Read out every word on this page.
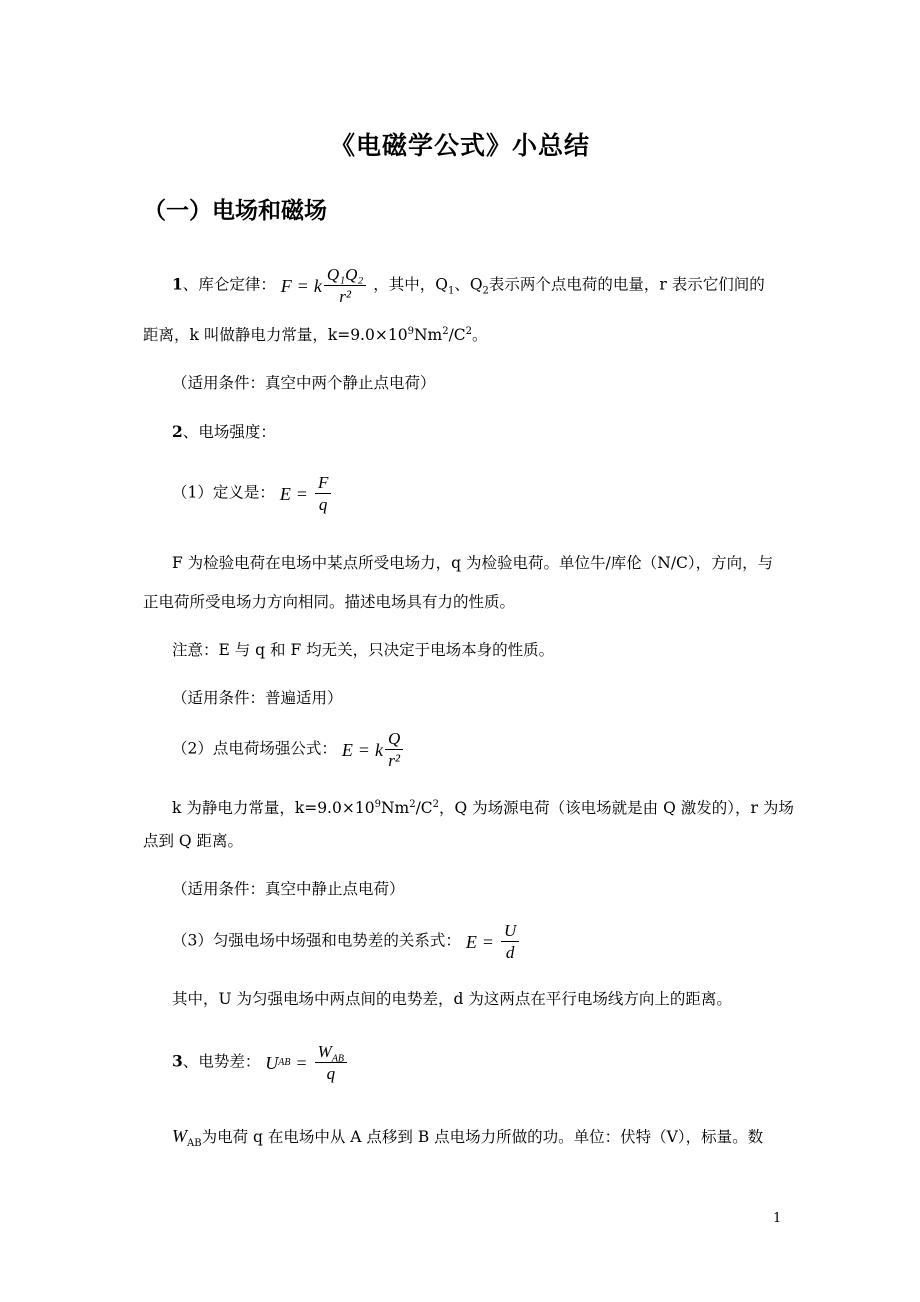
《电磁学公式》小总结
（一）电场和磁场
1、库仑定律： F = k $\frac{\text{Q₁Q₂}}{\text{r²}}$ ，其中，$Q_1$、$Q_2$表示两个点电荷的电量，r 表示它们间的
距离，k 叫做静电力常量，$k=9.0\times 10^9Nm^2/C^2$。
（适用条件：真空中两个静止点电荷）
2、电场强度：
（1）定义是： $E = \frac{F}{q}$
F 为检验电荷在电场中某点所受电场力，q 为检验电荷。单位牛/库伦（N/C），方向，与
正电荷所受电场力方向相同。描述电场具有力的性质。
注意：E 与 q 和 F 均无关，只决定于电场本身的性质。
（适用条件：普遍适用）
（2）点电荷场强公式： E = k $\frac{Q}{\text{r²}}$
k 为静电力常量，$k=9.0\times 10^9Nm^2/C^2$，Q 为场源电荷（该电场就是由 Q 激发的），r 为场
点到 Q 距离。
（适用条件：真空中静止点电荷）
（3）匀强电场中场强和电势差的关系式： $E = \frac{U}{d}$
其中，U 为匀强电场中两点间的电势差，d 为这两点在平行电场线方向上的距离。
3、电势差： U AB = $\frac{W_{AB}}{q}$
$W_{AB}$为电荷 q 在电场中从 A 点移到 B 点电场力所做的功。单位：伏特（V），标量。数
1
